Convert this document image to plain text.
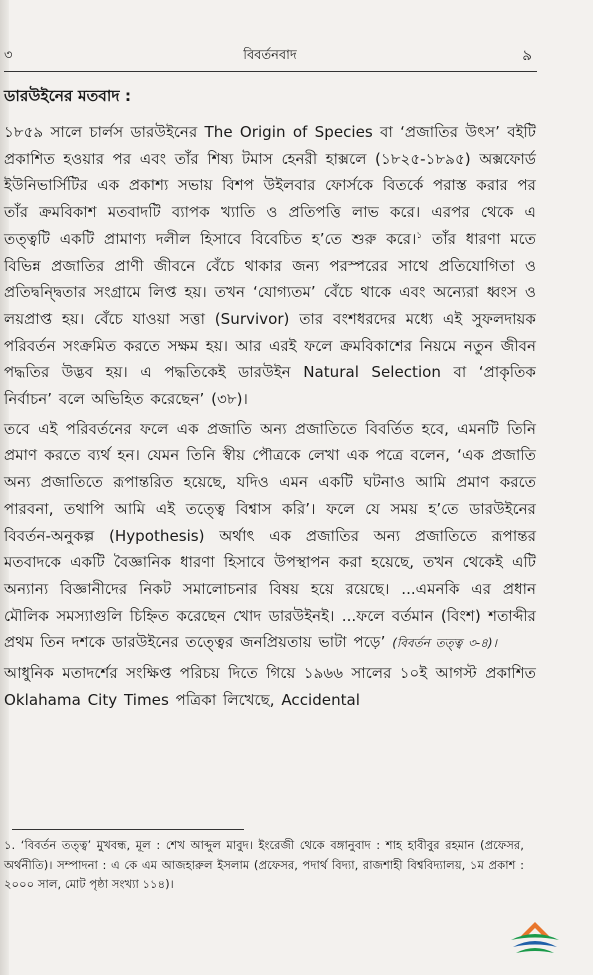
৩	বিবর্তনবাদ	৯
ডারউইনের মতবাদ :

১৮৫৯ সালে চার্লস ডারউইনের The Origin of Species বা ‘প্রজাতির উৎস’ বইটি প্রকাশিত হওয়ার পর এবং তাঁর শিষ্য টমাস হেনরী হাক্সলে (১৮২৫-১৮৯৫) অক্সফোর্ড ইউনিভার্সিটির এক প্রকাশ্য সভায় বিশপ উইলবার ফোর্সকে বিতর্কে পরাস্ত করার পর তাঁর ক্রমবিকাশ মতবাদটি ব্যাপক খ্যাতি ও প্রতিপত্তি লাভ করে। এরপর থেকে এ তত্ত্বটি একটি প্রামাণ্য দলীল হিসাবে বিবেচিত হ’তে শুরু করে।$^১$ তাঁর ধারণা মতে বিভিন্ন প্রজাতির প্রাণী জীবনে বেঁচে থাকার জন্য পরস্পরের সাথে প্রতিযোগিতা ও প্রতিদ্বন্দ্বিতার সংগ্রামে লিপ্ত হয়। তখন ‘যোগ্যতম’ বেঁচে থাকে এবং অন্যেরা ধ্বংস ও লয়প্রাপ্ত হয়। বেঁচে যাওয়া সত্তা (Survivor) তার বংশধরদের মধ্যে এই সুফলদায়ক পরিবর্তন সংক্রমিত করতে সক্ষম হয়। আর এরই ফলে ক্রমবিকাশের নিয়মে নতুন জীবন পদ্ধতির উদ্ভব হয়। এ পদ্ধতিকেই ডারউইন Natural Selection বা ‘প্রাকৃতিক নির্বাচন’ বলে অভিহিত করেছেন’ (৩৮)।

তবে এই পরিবর্তনের ফলে এক প্রজাতি অন্য প্রজাতিতে বিবর্তিত হবে, এমনটি তিনি প্রমাণ করতে ব্যর্থ হন। যেমন তিনি স্বীয় পৌত্রকে লেখা এক পত্রে বলেন, ‘এক প্রজাতি অন্য প্রজাতিতে রূপান্তরিত হয়েছে, যদিও এমন একটি ঘটনাও আমি প্রমাণ করতে পারবনা, তথাপি আমি এই তত্ত্বে বিশ্বাস করি’। ফলে যে সময় হ’তে ডারউইনের বিবর্তন-অনুকল্প (Hypothesis) অর্থাৎ এক প্রজাতির অন্য প্রজাতিতে রূপান্তর মতবাদকে একটি বৈজ্ঞানিক ধারণা হিসাবে উপস্থাপন করা হয়েছে, তখন থেকেই এটি অন্যান্য বিজ্ঞানীদের নিকট সমালোচনার বিষয় হয়ে রয়েছে। ...এমনকি এর প্রধান মৌলিক সমস্যাগুলি চিহ্নিত করেছেন খোদ ডারউইনই। ...ফলে বর্তমান (বিংশ) শতাব্দীর প্রথম তিন দশকে ডারউইনের তত্ত্বের জনপ্রিয়তায় ভাটা পড়ে’ (বিবর্তন তত্ত্ব ৩-৪)।

আধুনিক মতাদর্শের সংক্ষিপ্ত পরিচয় দিতে গিয়ে ১৯৬৬ সালের ১০ই আগস্ট প্রকাশিত Oklahama City Times পত্রিকা লিখেছে, Accidental

১. ‘বিবর্তন তত্ত্ব’ মুখবন্ধ, মূল : শেখ আব্দুল মাবুদ। ইংরেজী থেকে বঙ্গানুবাদ : শাহ হাবীবুর রহমান (প্রফেসর, অর্থনীতি)। সম্পাদনা : এ কে এম আজহারুল ইসলাম (প্রফেসর, পদার্থ বিদ্যা, রাজশাহী বিশ্ববিদ্যালয়, ১ম প্রকাশ : ২০০০ সাল, মোট পৃষ্ঠা সংখ্যা ১১৪)।
